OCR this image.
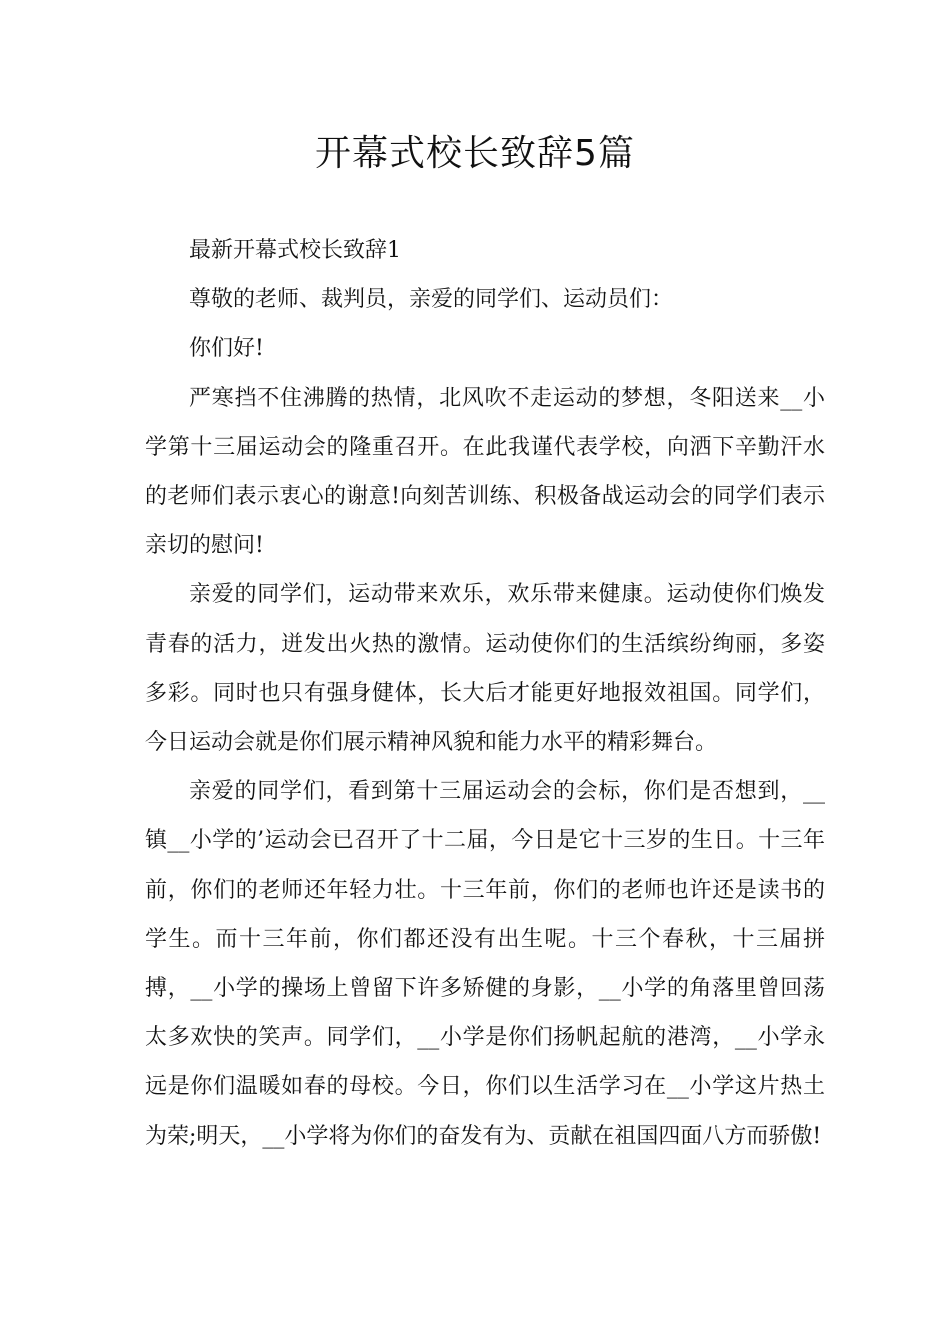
开幕式校长致辞5篇

最新开幕式校长致辞1

尊敬的老师、裁判员，亲爱的同学们、运动员们：

你们好!

严寒挡不住沸腾的热情，北风吹不走运动的梦想，冬阳送来__小学第十三届运动会的隆重召开。在此我谨代表学校，向洒下辛勤汗水的老师们表示衷心的谢意!向刻苦训练、积极备战运动会的同学们表示亲切的慰问!

亲爱的同学们，运动带来欢乐，欢乐带来健康。运动使你们焕发青春的活力，迸发出火热的激情。运动使你们的生活缤纷绚丽，多姿多彩。同时也只有强身健体，长大后才能更好地报效祖国。同学们，今日运动会就是你们展示精神风貌和能力水平的精彩舞台。

亲爱的同学们，看到第十三届运动会的会标，你们是否想到，__镇__小学的’运动会已召开了十二届，今日是它十三岁的生日。十三年前，你们的老师还年轻力壮。十三年前，你们的老师也许还是读书的学生。而十三年前，你们都还没有出生呢。十三个春秋，十三届拼搏，__小学的操场上曾留下许多矫健的身影，__小学的角落里曾回荡太多欢快的笑声。同学们，__小学是你们扬帆起航的港湾，__小学永远是你们温暖如春的母校。今日，你们以生活学习在__小学这片热土为荣;明天，__小学将为你们的奋发有为、贡献在祖国四面八方而骄傲!
